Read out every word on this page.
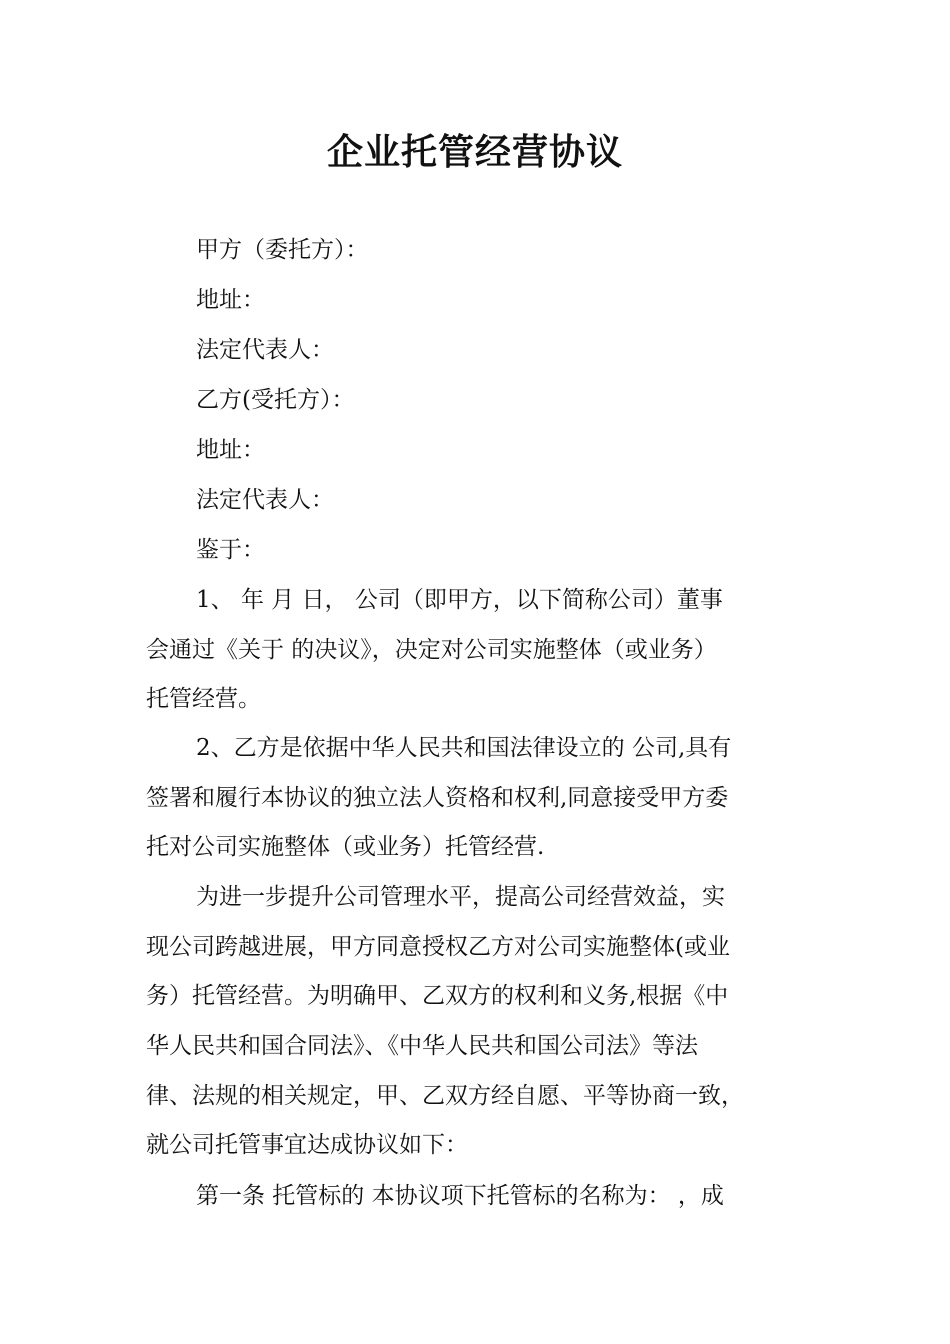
企业托管经营协议
甲方（委托方）：
地址：
法定代表人：
乙方(受托方）：
地址：
法定代表人：
鉴于：
1、 年 月 日， 公司（即甲方，以下简称公司）董事
会通过《关于 的决议》，决定对公司实施整体（或业务）
托管经营。
2、乙方是依据中华人民共和国法律设立的 公司,具有
签署和履行本协议的独立法人资格和权利,同意接受甲方委
托对公司实施整体（或业务）托管经营.
为进一步提升公司管理水平，提高公司经营效益，实
现公司跨越进展，甲方同意授权乙方对公司实施整体(或业
务）托管经营。为明确甲、乙双方的权利和义务,根据《中
华人民共和国合同法》、《中华人民共和国公司法》等法
律、法规的相关规定，甲、乙双方经自愿、平等协商一致，
就公司托管事宜达成协议如下：
第一条 托管标的 本协议项下托管标的名称为： ，成
